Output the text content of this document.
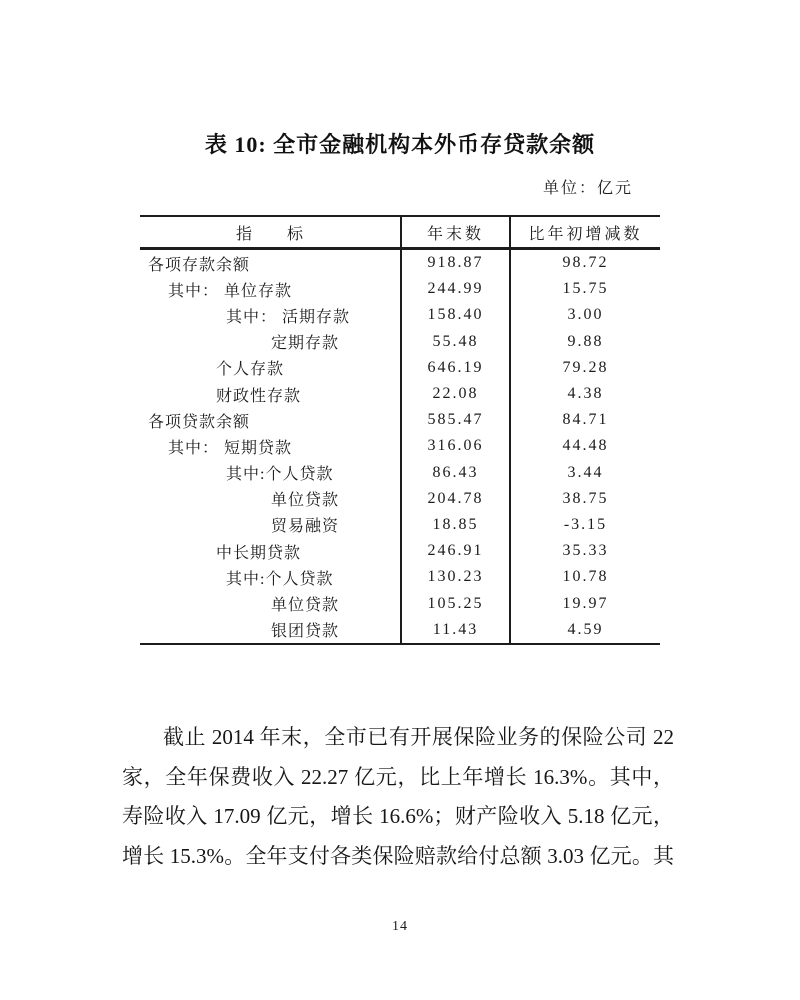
表 10: 全市金融机构本外币存贷款余额
单位：亿元
指　　标	年末数	比年初增减数
各项存款余额	918.87	98.72
其中： 单位存款	244.99	15.75
其中： 活期存款	158.40	3.00
定期存款	55.48	9.88
个人存款	646.19	79.28
财政性存款	22.08	4.38
各项贷款余额	585.47	84.71
其中： 短期贷款	316.06	44.48
其中:个人贷款	86.43	3.44
单位贷款	204.78	38.75
贸易融资	18.85	-3.15
中长期贷款	246.91	35.33
其中:个人贷款	130.23	10.78
单位贷款	105.25	19.97
银团贷款	11.43	4.59
截止 2014 年末，全市已有开展保险业务的保险公司 22
家，全年保费收入 22.27 亿元，比上年增长 16.3%。其中，
寿险收入 17.09 亿元，增长 16.6%；财产险收入 5.18 亿元，
增长 15.3%。全年支付各类保险赔款给付总额 3.03 亿元。其
14
